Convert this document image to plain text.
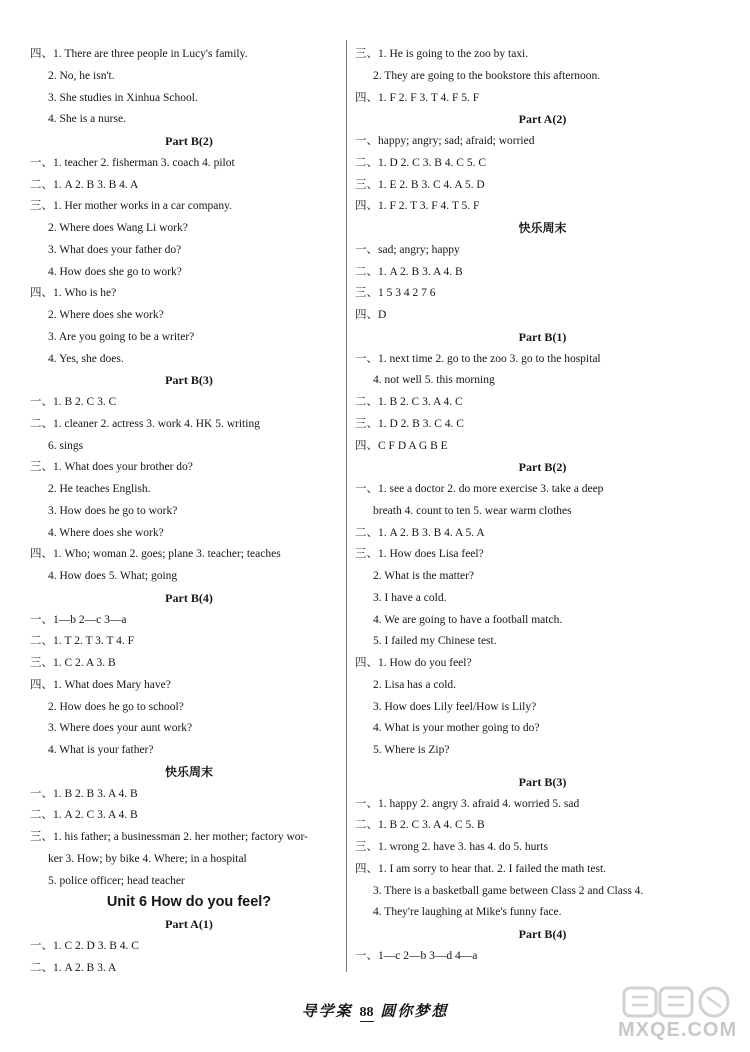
四、1. There are three people in Lucy's family.
2. No, he isn't.
3. She studies in Xinhua School.
4. She is a nurse.
Part B(2)
一、1. teacher 2. fisherman 3. coach 4. pilot
二、1. A 2. B 3. B 4. A
三、1. Her mother works in a car company.
2. Where does Wang Li work?
3. What does your father do?
4. How does she go to work?
四、1. Who is he?
2. Where does she work?
3. Are you going to be a writer?
4. Yes, she does.
Part B(3)
一、1. B 2. C 3. C
二、1. cleaner 2. actress 3. work 4. HK 5. writing
6. sings
三、1. What does your brother do?
2. He teaches English.
3. How does he go to work?
4. Where does she work?
四、1. Who; woman 2. goes; plane 3. teacher; teaches
4. How does 5. What; going
Part B(4)
一、1—b 2—c 3—a
二、1. T 2. T 3. T 4. F
三、1. C 2. A 3. B
四、1. What does Mary have?
2. How does he go to school?
3. Where does your aunt work?
4. What is your father?
快乐周末
一、1. B 2. B 3. A 4. B
二、1. A 2. C 3. A 4. B
三、1. his father; a businessman 2. her mother; factory wor-
ker 3. How; by bike 4. Where; in a hospital
5. police officer; head teacher
Unit 6 How do you feel?
Part A(1)
一、1. C 2. D 3. B 4. C
二、1. A 2. B 3. A
三、1. He is going to the zoo by taxi.
2. They are going to the bookstore this afternoon.
四、1. F 2. F 3. T 4. F 5. F
Part A(2)
一、happy; angry; sad; afraid; worried
二、1. D 2. C 3. B 4. C 5. C
三、1. E 2. B 3. C 4. A 5. D
四、1. F 2. T 3. F 4. T 5. F
快乐周末
一、sad; angry; happy
二、1. A 2. B 3. A 4. B
三、1 5 3 4 2 7 6
四、D
Part B(1)
一、1. next time 2. go to the zoo 3. go to the hospital
4. not well 5. this morning
二、1. B 2. C 3. A 4. C
三、1. D 2. B 3. C 4. C
四、C F D A G B E
Part B(2)
一、1. see a doctor 2. do more exercise 3. take a deep
breath 4. count to ten 5. wear warm clothes
二、1. A 2. B 3. B 4. A 5. A
三、1. How does Lisa feel?
2. What is the matter?
3. I have a cold.
4. We are going to have a football match.
5. I failed my Chinese test.
四、1. How do you feel?
2. Lisa has a cold.
3. How does Lily feel/How is Lily?
4. What is your mother going to do?
5. Where is Zip?
Part B(3)
一、1. happy 2. angry 3. afraid 4. worried 5. sad
二、1. B 2. C 3. A 4. C 5. B
三、1. wrong 2. have 3. has 4. do 5. hurts
四、1. I am sorry to hear that. 2. I failed the math test.
3. There is a basketball game between Class 2 and Class 4.
4. They're laughing at Mike's funny face.
Part B(4)
一、1—c 2—b 3—d 4—a
导学案 88 圆你梦想
MXQE.COM
